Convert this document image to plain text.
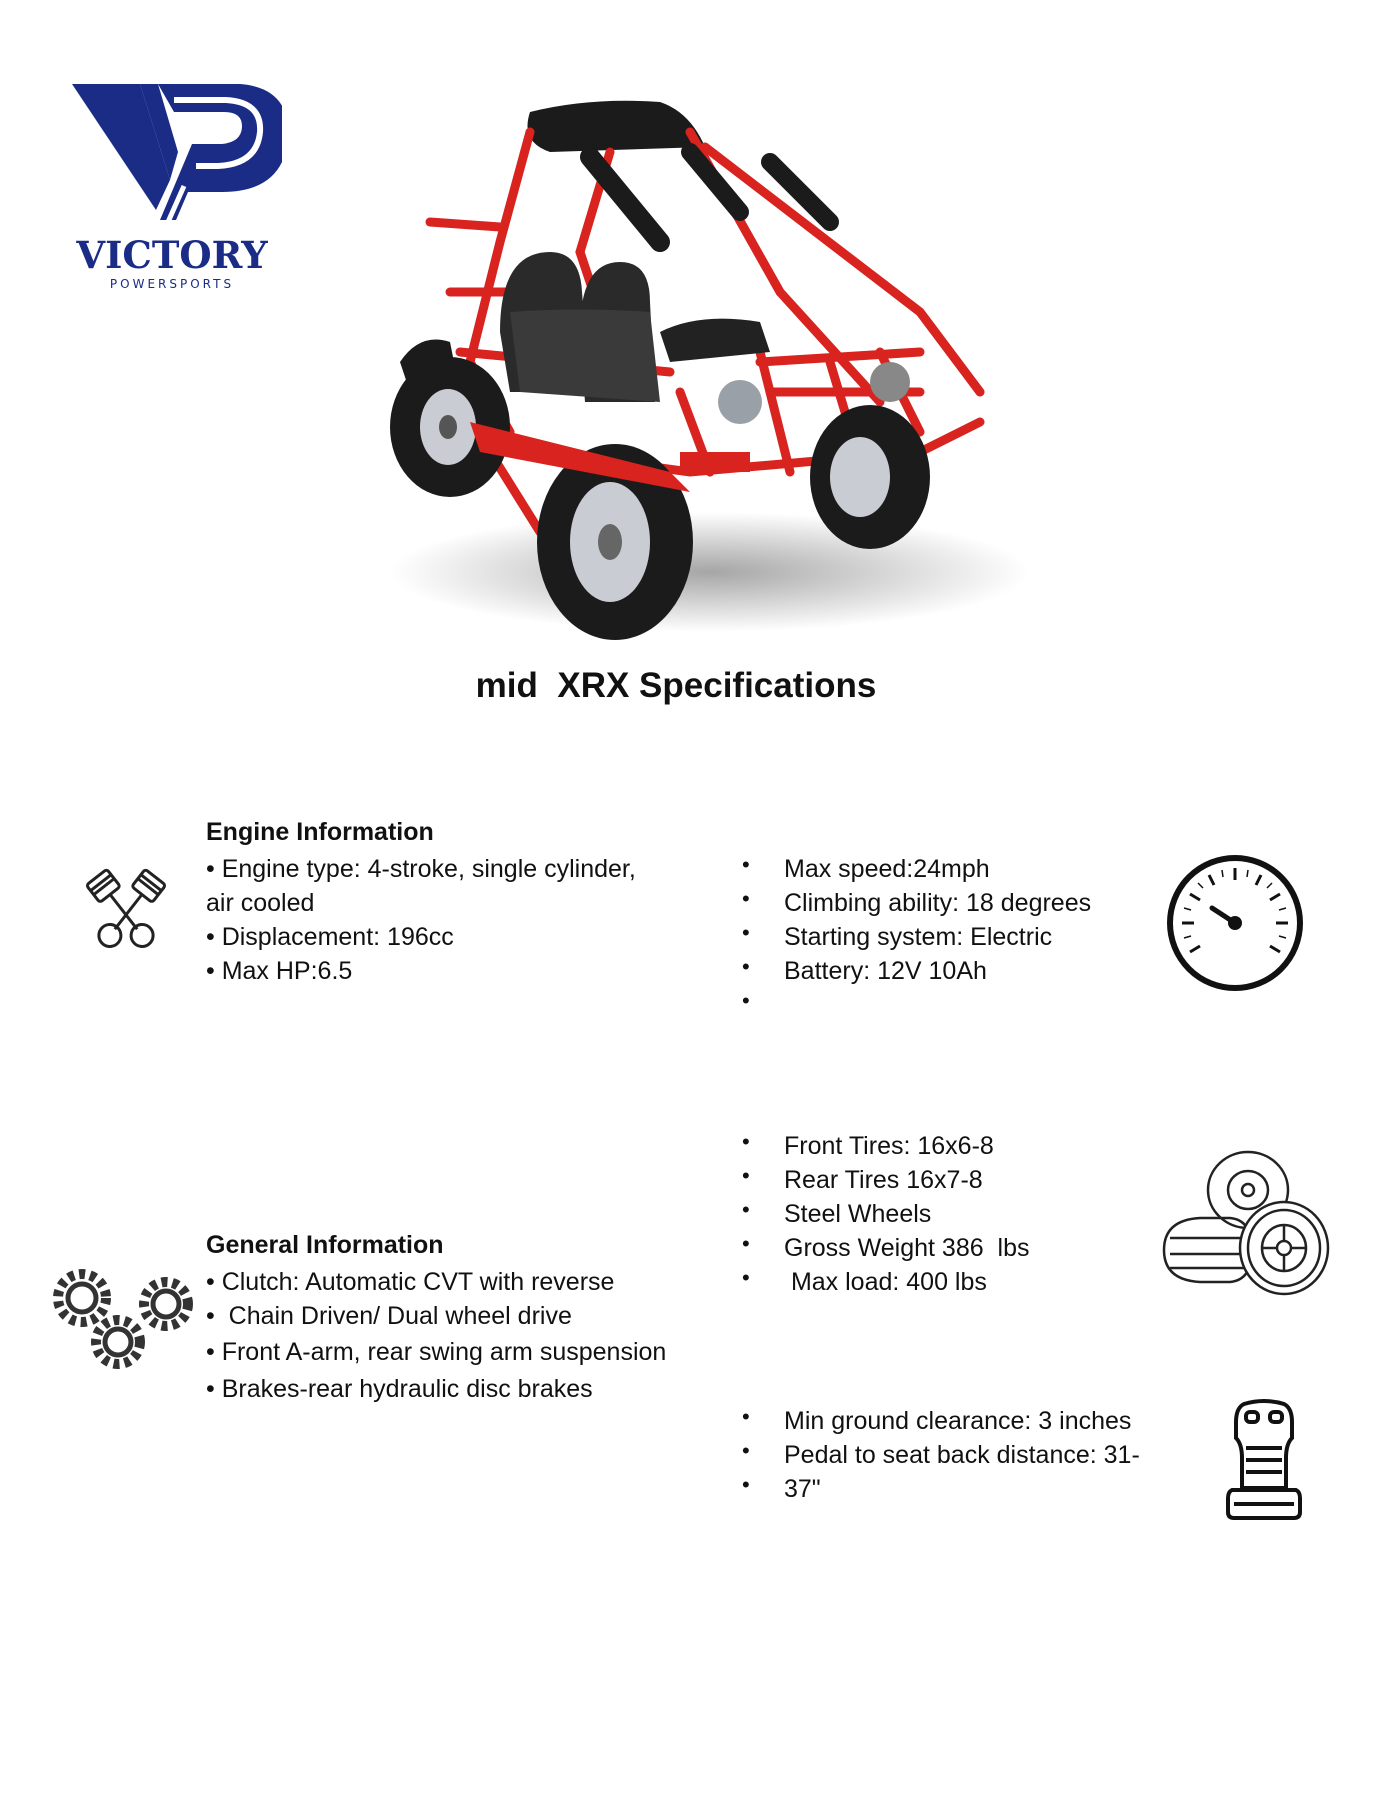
VICTORY
POWERSPORTS
mid  XRX Specifications
Engine Information
• Engine type: 4-stroke, single cylinder,
air cooled
• Displacement: 196cc
• Max HP:6.5
• Max speed:24mph
• Climbing ability: 18 degrees
• Starting system: Electric
• Battery: 12V 10Ah
•
• Front Tires: 16x6-8
• Rear Tires 16x7-8
• Steel Wheels
• Gross Weight 386  lbs
•  Max load: 400 lbs
General Information
• Clutch: Automatic CVT with reverse
•  Chain Driven/ Dual wheel drive
• Front A-arm, rear swing arm suspension
• Brakes-rear hydraulic disc brakes
• Min ground clearance: 3 inches
• Pedal to seat back distance: 31-
• 37"
